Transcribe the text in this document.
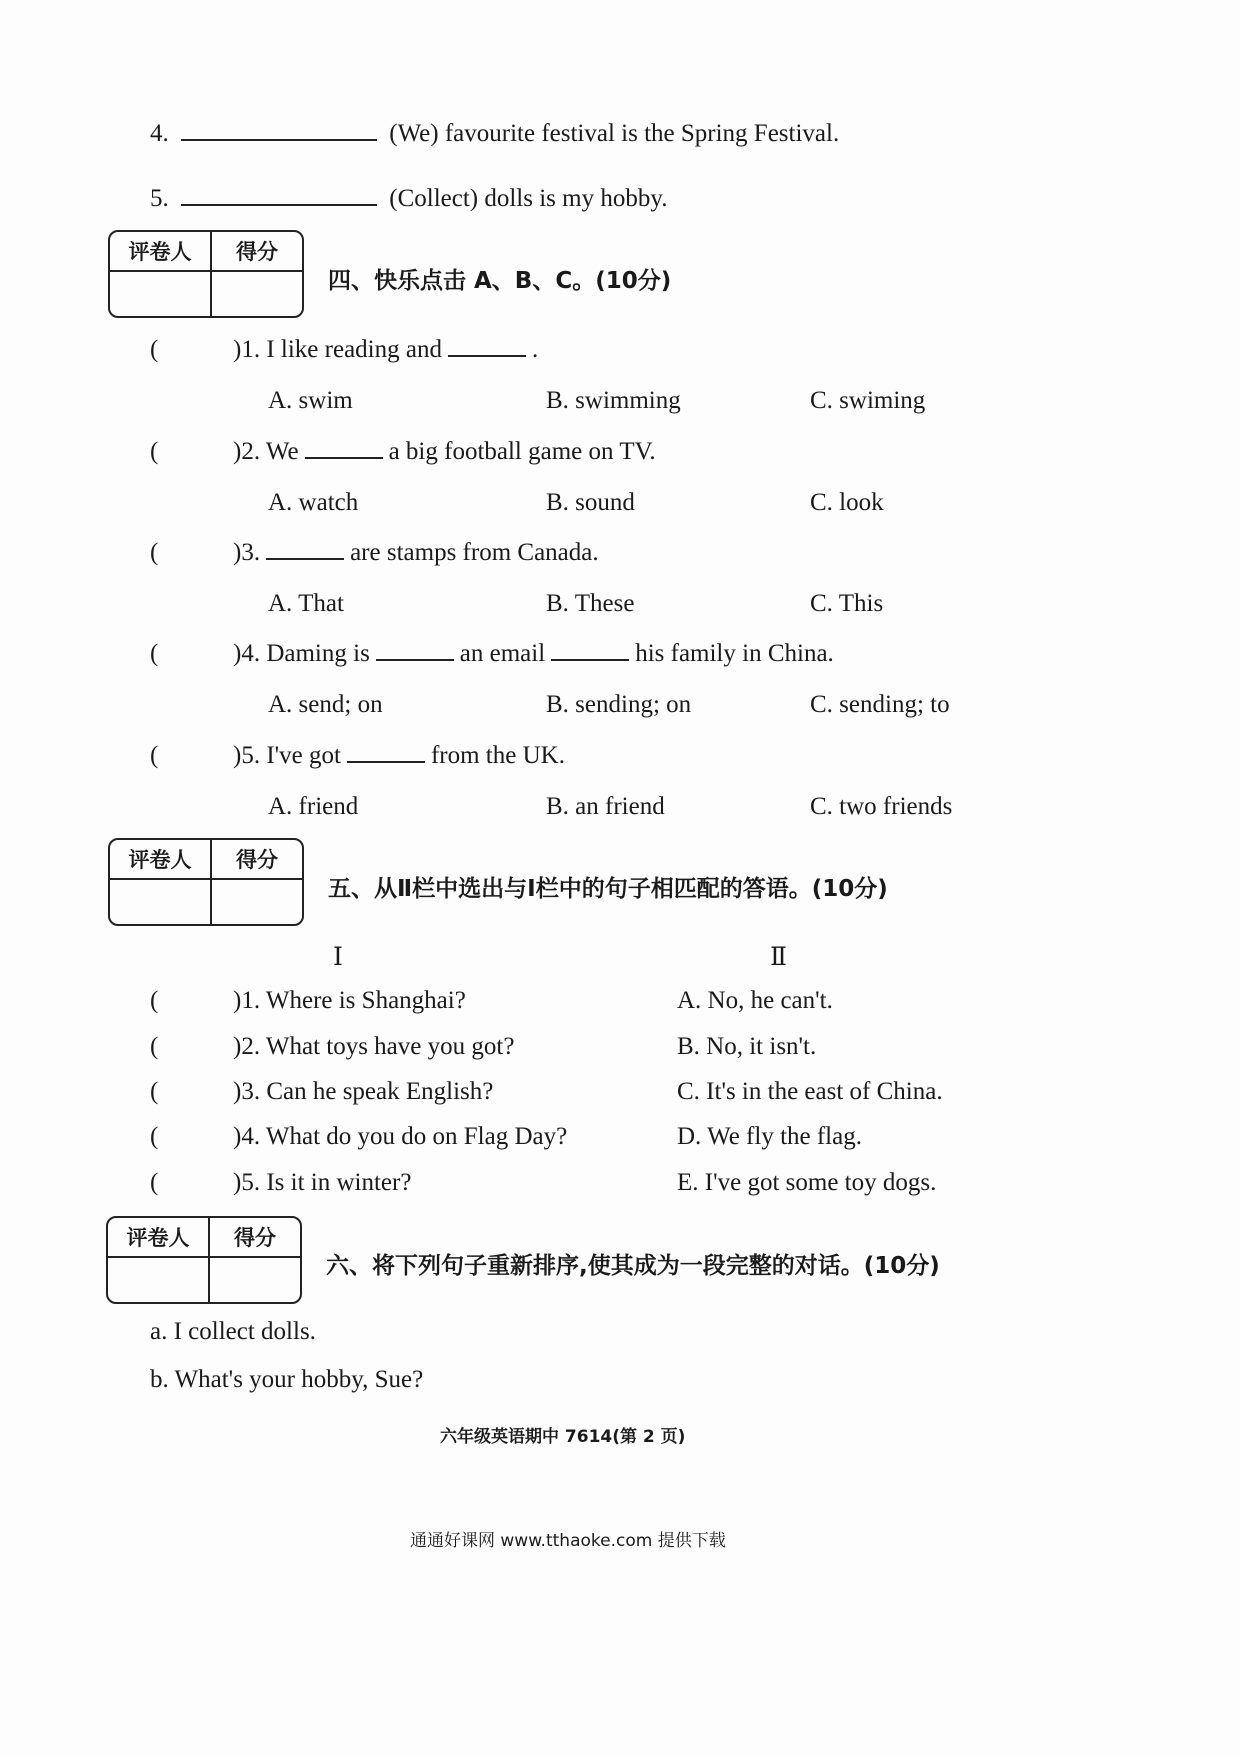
4.	(We) favourite festival is the Spring Festival.
5.	(Collect) dolls is my hobby.
评卷人	得分
四、快乐点击 A、B、C。(10分)
(	)1. I like reading and	.
A. swim	B. swimming	C. swiming
(	)2. We	a big football game on TV.
A. watch	B. sound	C. look
(	)3.	are stamps from Canada.
A. That	B. These	C. This
(	)4. Daming is	an email	his family in China.
A. send; on	B. sending; on	C. sending; to
(	)5. I've got	from the UK.
A. friend	B. an friend	C. two friends
评卷人	得分
五、从Ⅱ栏中选出与Ⅰ栏中的句子相匹配的答语。(10分)
Ⅰ	Ⅱ
(	)1. Where is Shanghai?	A. No, he can't.
(	)2. What toys have you got?	B. No, it isn't.
(	)3. Can he speak English?	C. It's in the east of China.
(	)4. What do you do on Flag Day?	D. We fly the flag.
(	)5. Is it in winter?	E. I've got some toy dogs.
评卷人	得分
六、将下列句子重新排序,使其成为一段完整的对话。(10分)
a. I collect dolls.
b. What's your hobby, Sue?
六年级英语期中 7614(第 2 页)
通通好课网 www.tthaoke.com 提供下载
